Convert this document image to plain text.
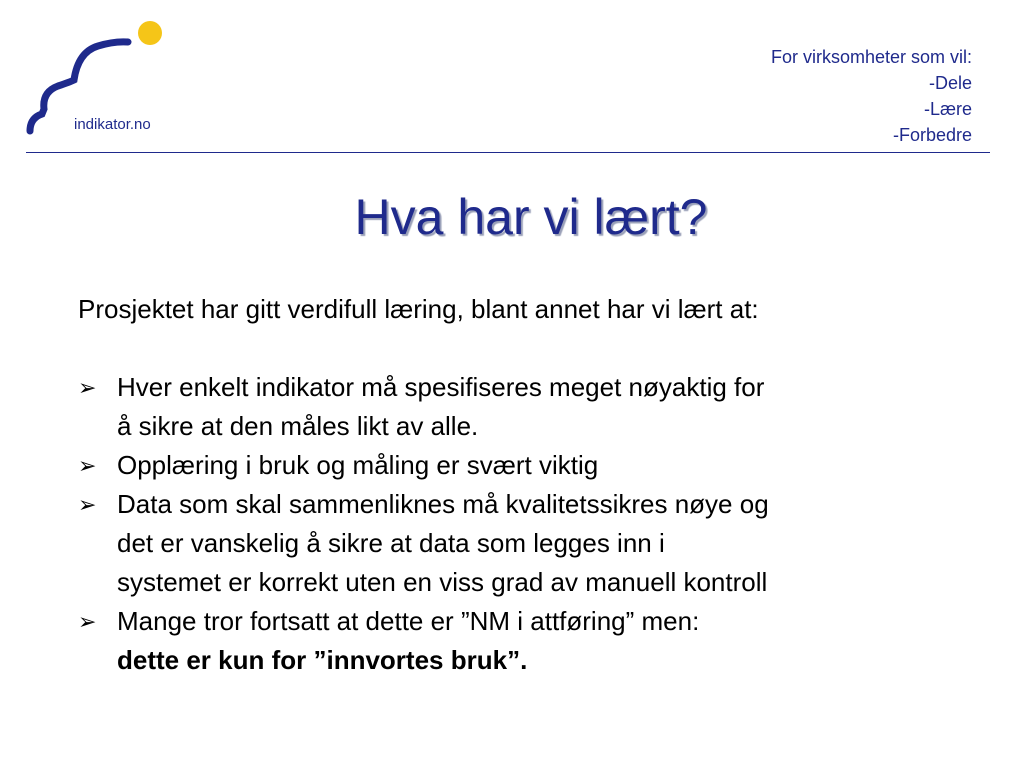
indikator.no
For virksomheter som vil:
-Dele
-Lære
-Forbedre
Hva har vi lært?
Prosjektet har gitt verdifull læring, blant annet har vi lært at:
➢ Hver enkelt indikator må spesifiseres meget nøyaktig for
å sikre at den måles likt av alle.
➢ Opplæring i bruk og måling er svært viktig
➢ Data som skal sammenliknes må kvalitetssikres nøye og
det er vanskelig å sikre at data som legges inn i
systemet er korrekt uten en viss grad av manuell kontroll
➢ Mange tror fortsatt at dette er ”NM i attføring” men:
dette er kun for ”innvortes bruk”.
